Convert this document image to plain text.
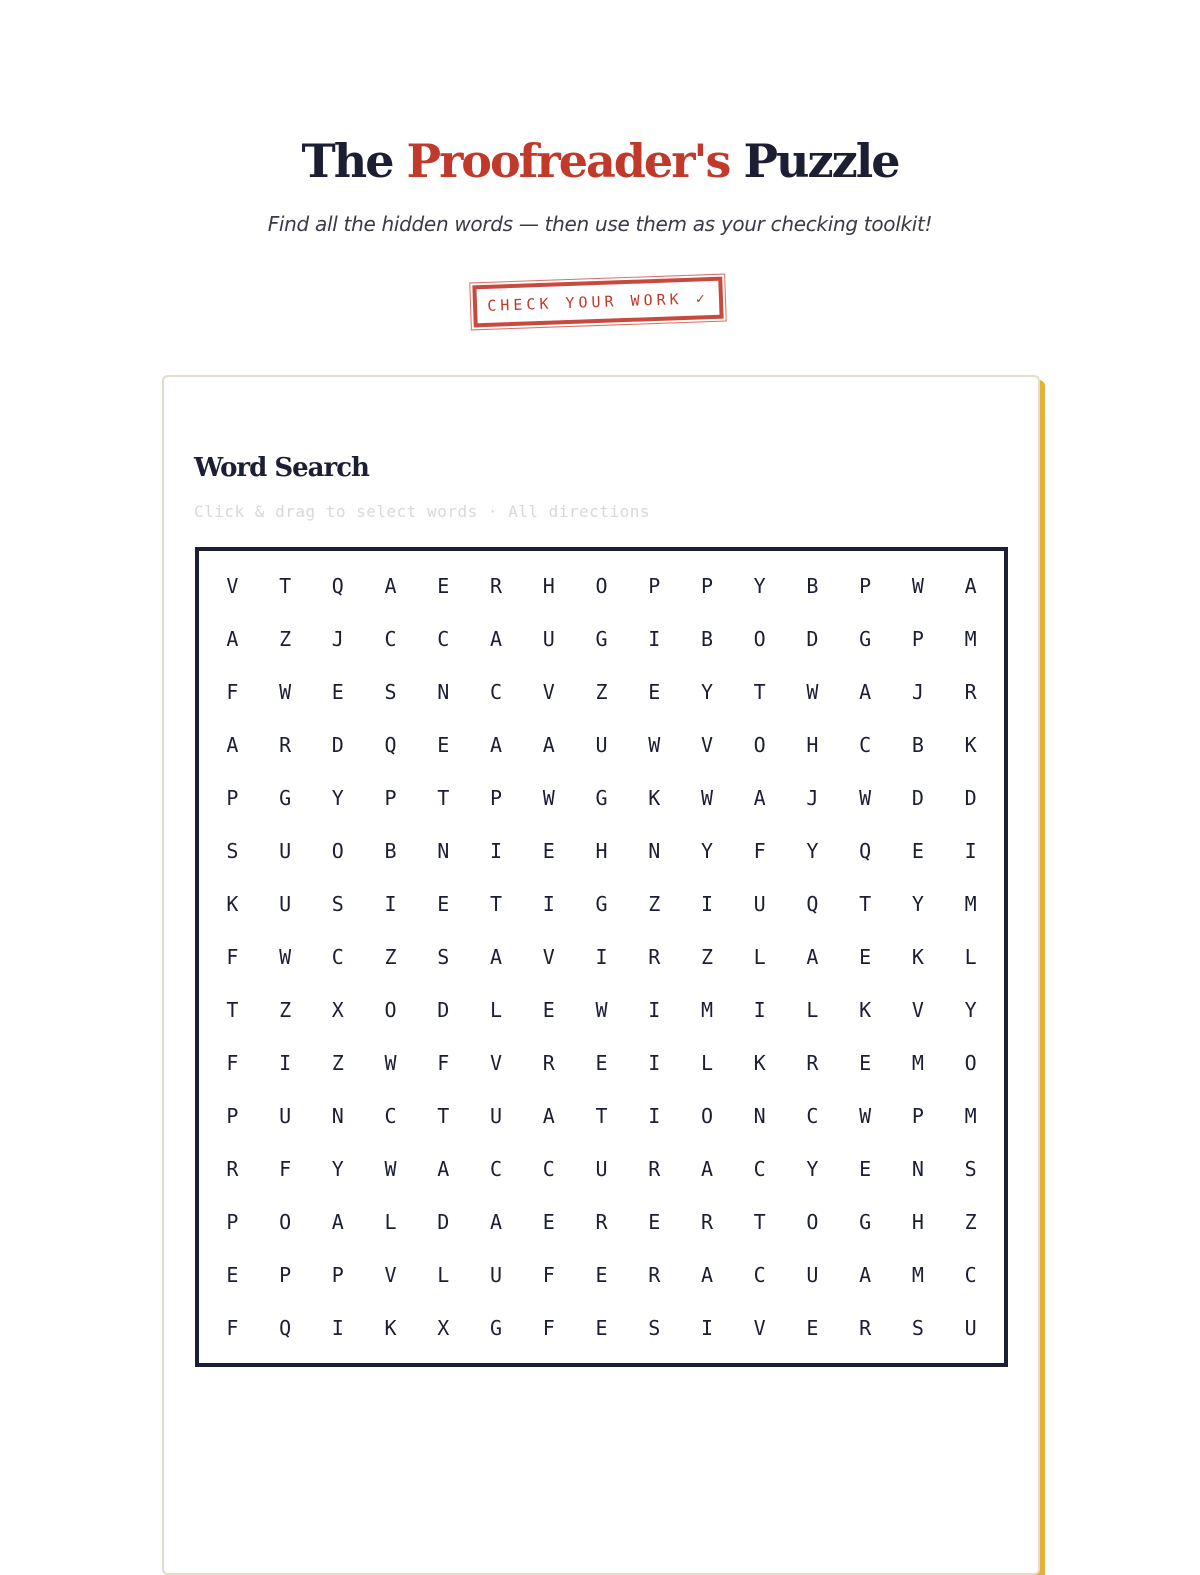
The Proofreader's Puzzle

Find all the hidden words — then use them as your checking toolkit!

CHECK YOUR WORK ✓
Word Search
Click & drag to select words · All directions
V	T	Q	A	E	R	H	O	P	P	Y	B	P	W	A
A	Z	J	C	C	A	U	G	I	B	O	D	G	P	M
F	W	E	S	N	C	V	Z	E	Y	T	W	A	J	R
A	R	D	Q	E	A	A	U	W	V	O	H	C	B	K
P	G	Y	P	T	P	W	G	K	W	A	J	W	D	D
S	U	O	B	N	I	E	H	N	Y	F	Y	Q	E	I
K	U	S	I	E	T	I	G	Z	I	U	Q	T	Y	M
F	W	C	Z	S	A	V	I	R	Z	L	A	E	K	L
T	Z	X	O	D	L	E	W	I	M	I	L	K	V	Y
F	I	Z	W	F	V	R	E	I	L	K	R	E	M	O
P	U	N	C	T	U	A	T	I	O	N	C	W	P	M
R	F	Y	W	A	C	C	U	R	A	C	Y	E	N	S
P	O	A	L	D	A	E	R	E	R	T	O	G	H	Z
E	P	P	V	L	U	F	E	R	A	C	U	A	M	C
F	Q	I	K	X	G	F	E	S	I	V	E	R	S	U
